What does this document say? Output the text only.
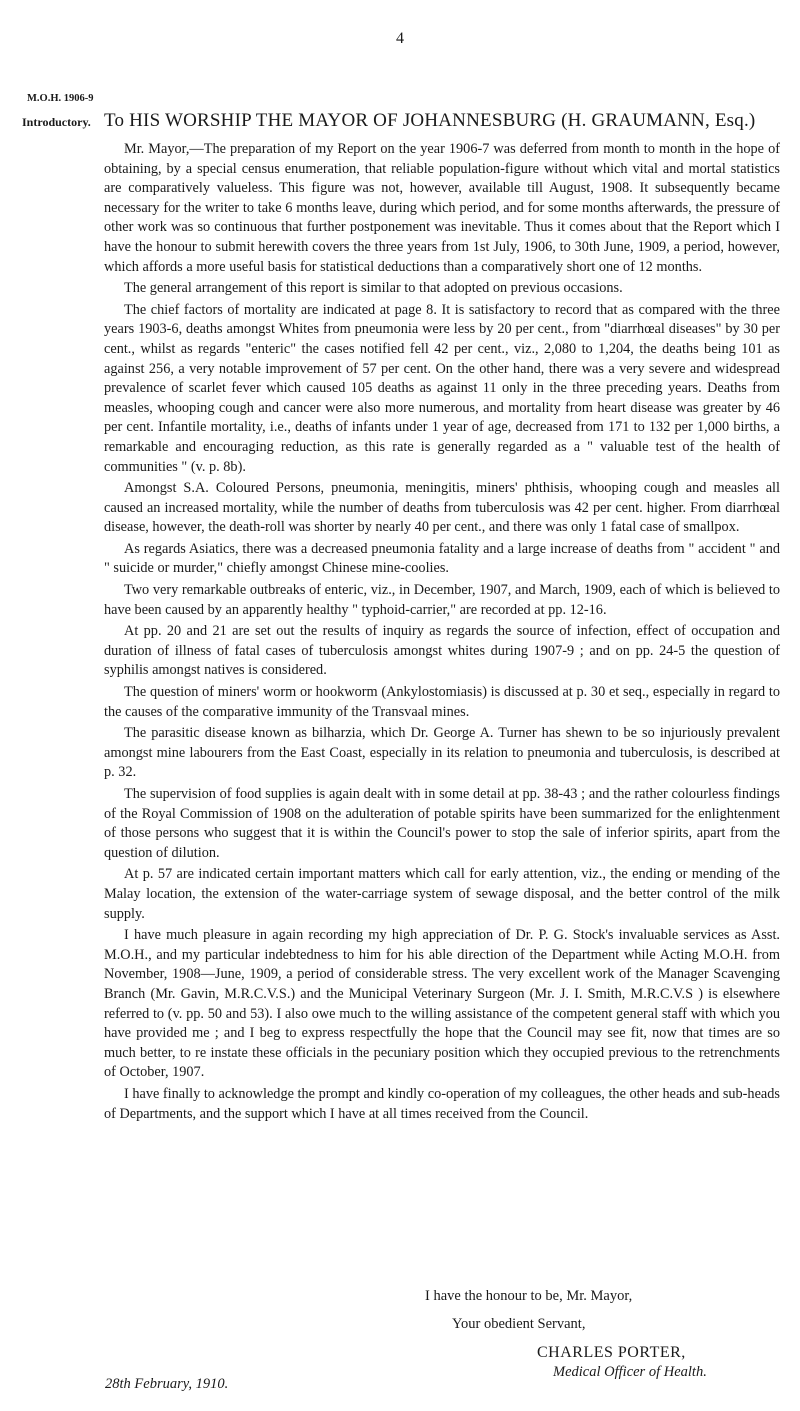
4
M.O.H. 1906-9
Introductory. To HIS WORSHIP THE MAYOR OF JOHANNESBURG (H. GRAUMANN, Esq.)

Mr. Mayor,—The preparation of my Report on the year 1906-7 was deferred from month to month in the hope of obtaining, by a special census enumeration, that reliable population-figure without which vital and mortal statistics are comparatively valueless. This figure was not, however, available till August, 1908. It subsequently became necessary for the writer to take 6 months leave, during which period, and for some months afterwards, the pressure of other work was so continuous that further postponement was inevitable. Thus it comes about that the Report which I have the honour to submit herewith covers the three years from 1st July, 1906, to 30th June, 1909, a period, however, which affords a more useful basis for statistical deductions than a comparatively short one of 12 months.

The general arrangement of this report is similar to that adopted on previous occasions.

The chief factors of mortality are indicated at page 8. It is satisfactory to record that as compared with the three years 1903-6, deaths amongst Whites from pneumonia were less by 20 per cent., from "diarrhœal diseases" by 30 per cent., whilst as regards "enteric" the cases notified fell 42 per cent., viz., 2,080 to 1,204, the deaths being 101 as against 256, a very notable improvement of 57 per cent. On the other hand, there was a very severe and widespread prevalence of scarlet fever which caused 105 deaths as against 11 only in the three preceding years. Deaths from measles, whooping cough and cancer were also more numerous, and mortality from heart disease was greater by 46 per cent. Infantile mortality, i.e., deaths of infants under 1 year of age, decreased from 171 to 132 per 1,000 births, a remarkable and encouraging reduction, as this rate is generally regarded as a " valuable test of the health of communities " (v. p. 8b).

Amongst S.A. Coloured Persons, pneumonia, meningitis, miners' phthisis, whooping cough and measles all caused an increased mortality, while the number of deaths from tuberculosis was 42 per cent. higher. From diarrhœal disease, however, the death-roll was shorter by nearly 40 per cent., and there was only 1 fatal case of smallpox.

As regards Asiatics, there was a decreased pneumonia fatality and a large increase of deaths from " accident " and " suicide or murder," chiefly amongst Chinese mine-coolies.

Two very remarkable outbreaks of enteric, viz., in December, 1907, and March, 1909, each of which is believed to have been caused by an apparently healthy " typhoid-carrier," are recorded at pp. 12-16.

At pp. 20 and 21 are set out the results of inquiry as regards the source of infection, effect of occupation and duration of illness of fatal cases of tuberculosis amongst whites during 1907-9 ; and on pp. 24-5 the question of syphilis amongst natives is considered.

The question of miners' worm or hookworm (Ankylostomiasis) is discussed at p. 30 et seq., especially in regard to the causes of the comparative immunity of the Transvaal mines.

The parasitic disease known as bilharzia, which Dr. George A. Turner has shewn to be so injuriously prevalent amongst mine labourers from the East Coast, especially in its relation to pneumonia and tuberculosis, is described at p. 32.

The supervision of food supplies is again dealt with in some detail at pp. 38-43 ; and the rather colourless findings of the Royal Commission of 1908 on the adulteration of potable spirits have been summarized for the enlightenment of those persons who suggest that it is within the Council's power to stop the sale of inferior spirits, apart from the question of dilution.

At p. 57 are indicated certain important matters which call for early attention, viz., the ending or mending of the Malay location, the extension of the water-carriage system of sewage disposal, and the better control of the milk supply.

I have much pleasure in again recording my high appreciation of Dr. P. G. Stock's invaluable services as Asst. M.O.H., and my particular indebtedness to him for his able direction of the Department while Acting M.O.H. from November, 1908—June, 1909, a period of considerable stress. The very excellent work of the Manager Scavenging Branch (Mr. Gavin, M.R.C.V.S.) and the Municipal Veterinary Surgeon (Mr. J. I. Smith, M.R.C.V.S ) is elsewhere referred to (v. pp. 50 and 53). I also owe much to the willing assistance of the competent general staff with which you have provided me ; and I beg to express respectfully the hope that the Council may see fit, now that times are so much better, to re instate these officials in the pecuniary position which they occupied previous to the retrenchments of October, 1907.

I have finally to acknowledge the prompt and kindly co-operation of my colleagues, the other heads and sub-heads of Departments, and the support which I have at all times received from the Council.

I have the honour to be, Mr. Mayor,
Your obedient Servant,
CHARLES PORTER,
Medical Officer of Health.
28th February, 1910.
